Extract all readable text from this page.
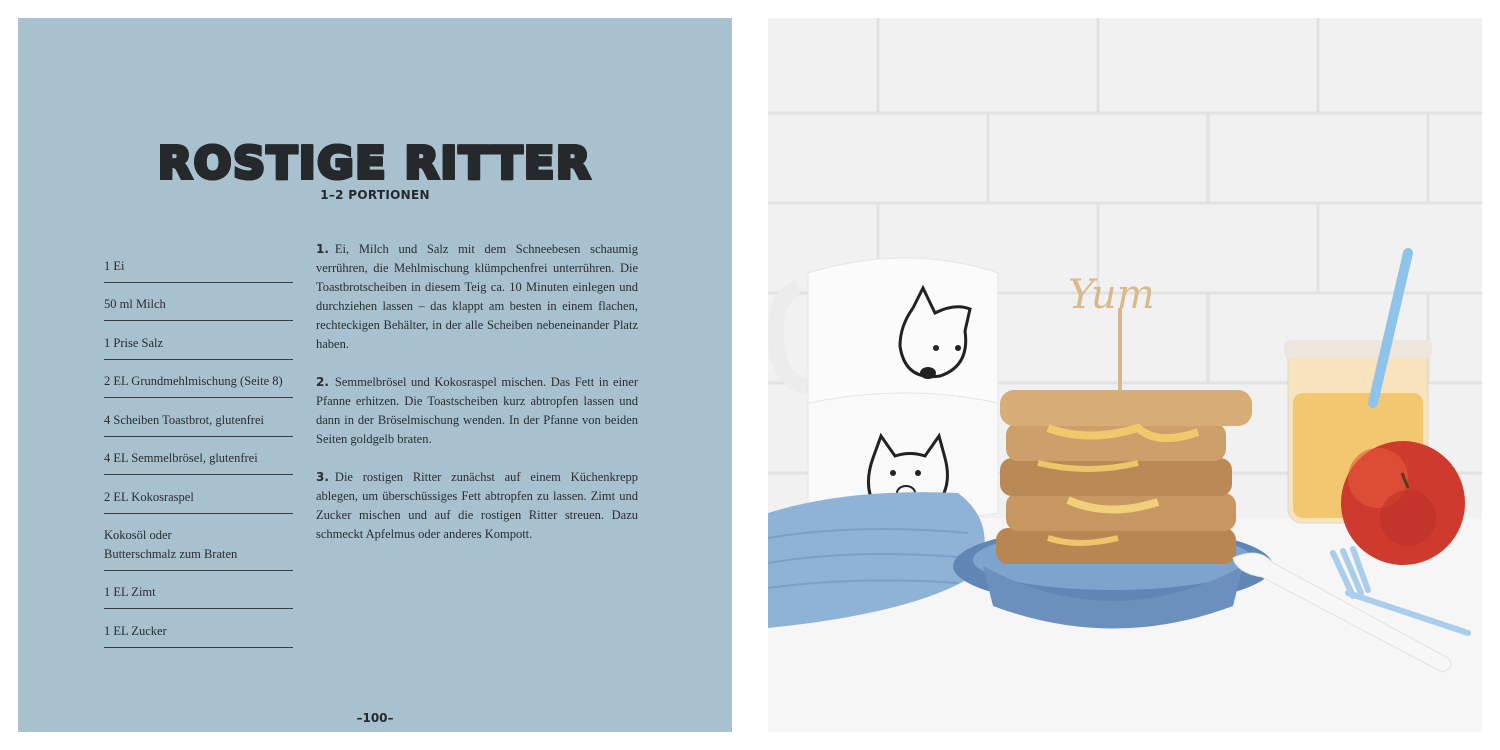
ROSTIGE RITTER
1–2 PORTIONEN
1 Ei
50 ml Milch
1 Prise Salz
2 EL Grundmehlmischung (Seite 8)
4 Scheiben Toastbrot, glutenfrei
4 EL Semmelbrösel, glutenfrei
2 EL Kokosraspel
Kokosöl oder
Butterschmalz zum Braten
1 EL Zimt
1 EL Zucker

1. Ei, Milch und Salz mit dem Schneebesen schaumig verrühren, die Mehlmischung klümpchenfrei unterrühren. Die Toastbrotscheiben in diesem Teig ca. 10 Minuten einlegen und durchziehen lassen – das klappt am besten in einem flachen, rechteckigen Behälter, in der alle Scheiben nebeneinander Platz haben.

2. Semmelbrösel und Kokosraspel mischen. Das Fett in einer Pfanne erhitzen. Die Toastscheiben kurz abtropfen lassen und dann in der Bröselmischung wenden. In der Pfanne von beiden Seiten goldgelb braten.

3. Die rostigen Ritter zunächst auf einem Küchenkrepp ablegen, um überschüssiges Fett abtropfen zu lassen. Zimt und Zucker mischen und auf die rostigen Ritter streuen. Dazu schmeckt Apfelmus oder anderes Kompott.

–100–
Yum
